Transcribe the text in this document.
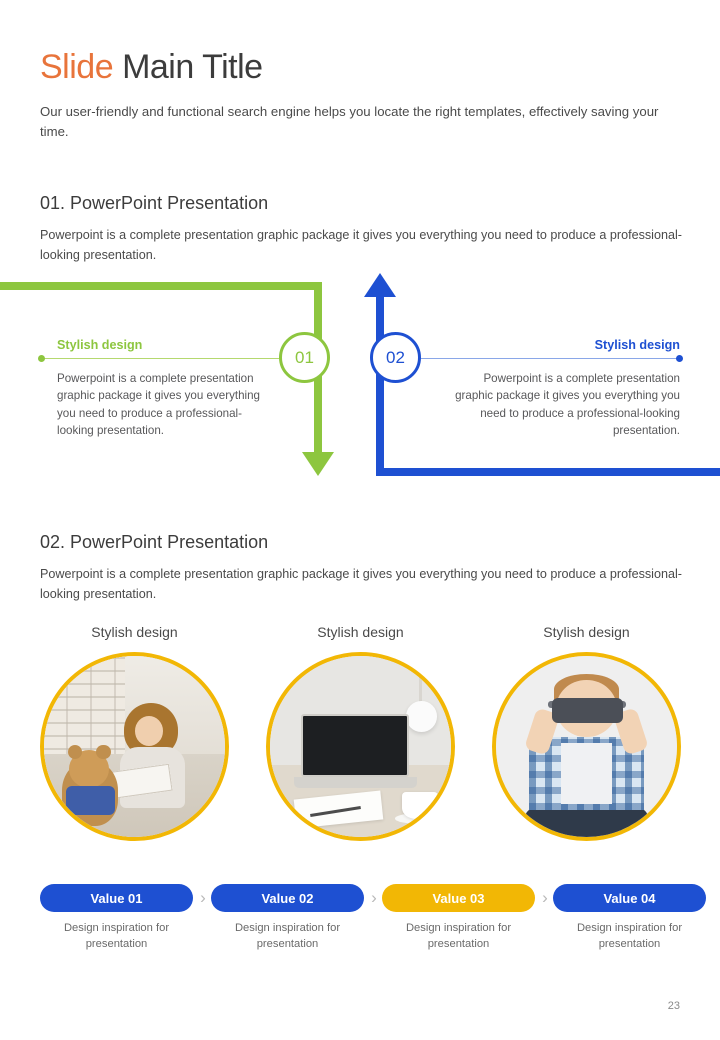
Slide Main Title
Our user-friendly and functional search engine helps you locate the right templates, effectively saving your time.
01. PowerPoint Presentation
Powerpoint is a complete presentation graphic package it gives you everything you need to produce a professional-looking presentation.
Stylish design
Powerpoint is a complete presentation graphic package it gives you everything you need to produce a professional-looking presentation.
01
Stylish design
Powerpoint is a complete presentation graphic package it gives you everything you need to produce a professional-looking presentation.
02
02. PowerPoint Presentation
Powerpoint is a complete presentation graphic package it gives you everything you need to produce a professional-looking presentation.
Stylish design	Stylish design	Stylish design
Value 01
Design inspiration for presentation
›	Value 02
Design inspiration for presentation
›	Value 03
Design inspiration for presentation
›	Value 04
Design inspiration for presentation
23
